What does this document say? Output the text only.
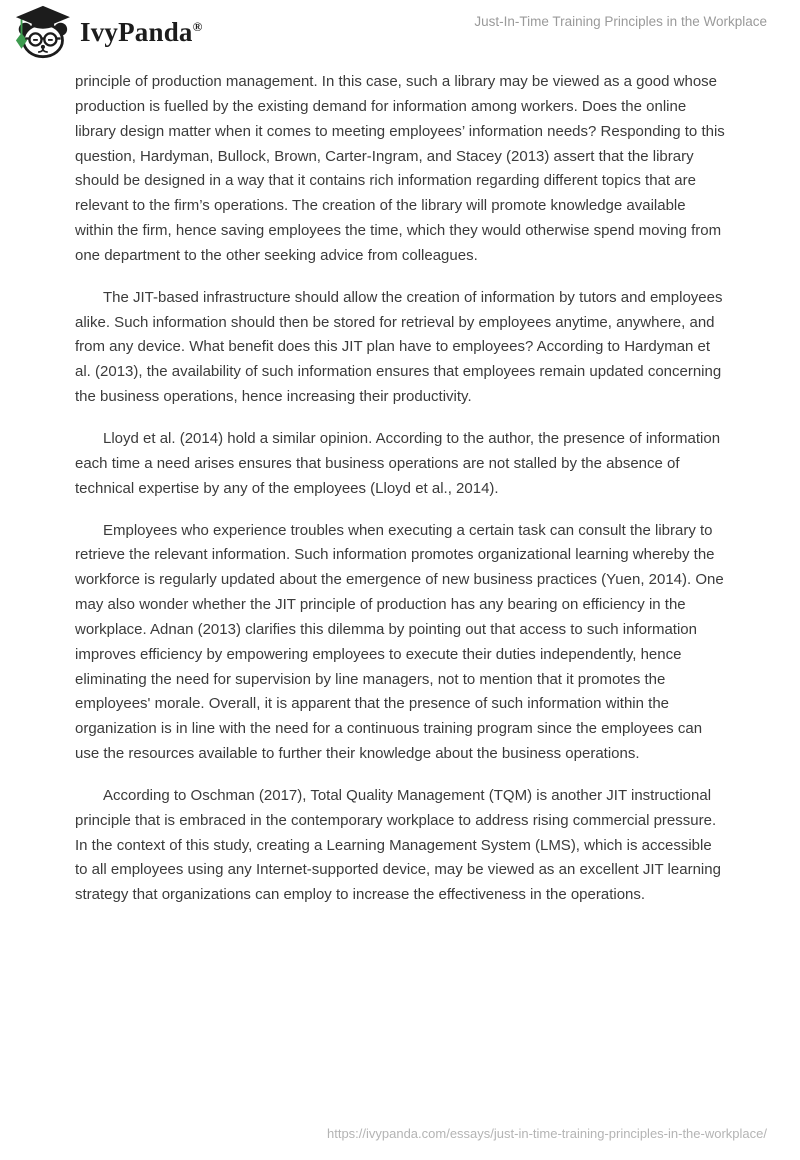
IvyPanda®	Just-In-Time Training Principles in the Workplace

principle of production management. In this case, such a library may be viewed as a good whose production is fuelled by the existing demand for information among workers. Does the online library design matter when it comes to meeting employees’ information needs? Responding to this question, Hardyman, Bullock, Brown, Carter-Ingram, and Stacey (2013) assert that the library should be designed in a way that it contains rich information regarding different topics that are relevant to the firm’s operations. The creation of the library will promote knowledge available within the firm, hence saving employees the time, which they would otherwise spend moving from one department to the other seeking advice from colleagues.

The JIT-based infrastructure should allow the creation of information by tutors and employees alike. Such information should then be stored for retrieval by employees anytime, anywhere, and from any device. What benefit does this JIT plan have to employees? According to Hardyman et al. (2013), the availability of such information ensures that employees remain updated concerning the business operations, hence increasing their productivity.

Lloyd et al. (2014) hold a similar opinion. According to the author, the presence of information each time a need arises ensures that business operations are not stalled by the absence of technical expertise by any of the employees (Lloyd et al., 2014).

Employees who experience troubles when executing a certain task can consult the library to retrieve the relevant information. Such information promotes organizational learning whereby the workforce is regularly updated about the emergence of new business practices (Yuen, 2014). One may also wonder whether the JIT principle of production has any bearing on efficiency in the workplace. Adnan (2013) clarifies this dilemma by pointing out that access to such information improves efficiency by empowering employees to execute their duties independently, hence eliminating the need for supervision by line managers, not to mention that it promotes the employees' morale. Overall, it is apparent that the presence of such information within the organization is in line with the need for a continuous training program since the employees can use the resources available to further their knowledge about the business operations.

According to Oschman (2017), Total Quality Management (TQM) is another JIT instructional principle that is embraced in the contemporary workplace to address rising commercial pressure. In the context of this study, creating a Learning Management System (LMS), which is accessible to all employees using any Internet-supported device, may be viewed as an excellent JIT learning strategy that organizations can employ to increase the effectiveness in the operations.

https://ivypanda.com/essays/just-in-time-training-principles-in-the-workplace/
